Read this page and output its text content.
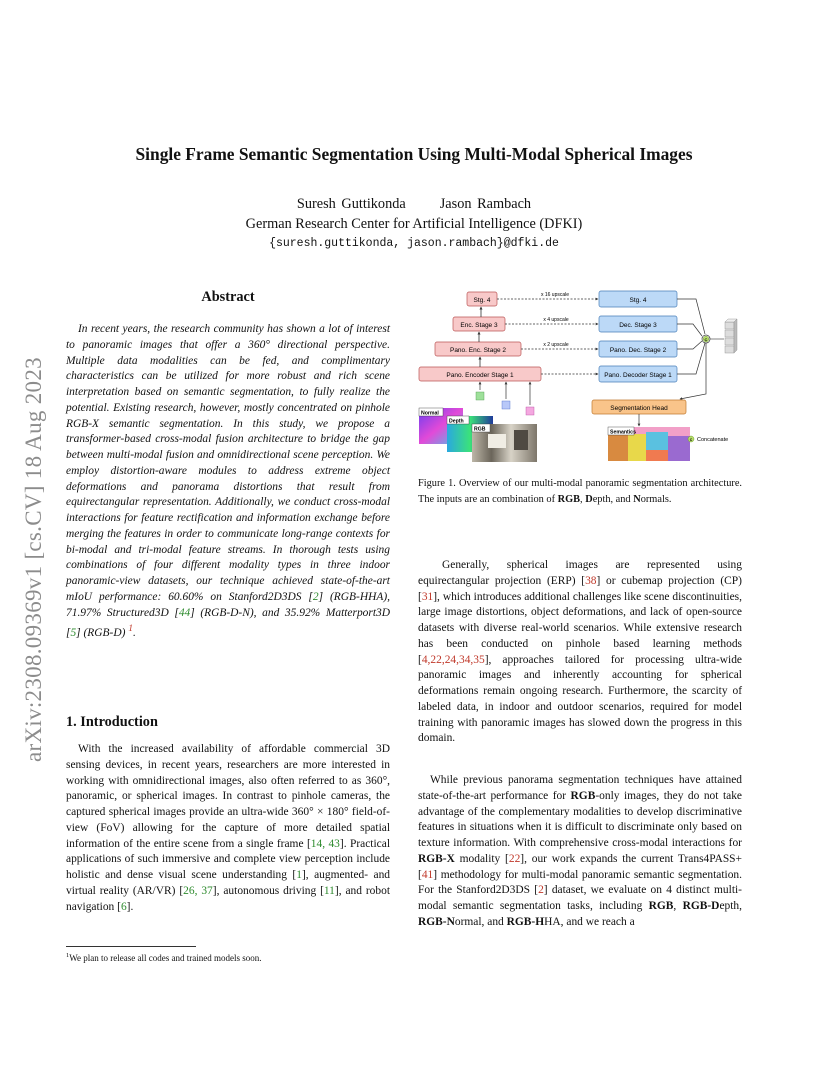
arXiv:2308.09369v1 [cs.CV] 18 Aug 2023
Single Frame Semantic Segmentation Using Multi-Modal Spherical Images
Suresh Guttikonda Jason Rambach
German Research Center for Artificial Intelligence (DFKI)
{suresh.guttikonda, jason.rambach}@dfki.de
Abstract

In recent years, the research community has shown a lot of interest to panoramic images that offer a 360° directional perspective. Multiple data modalities can be fed, and complimentary characteristics can be utilized for more robust and rich scene interpretation based on semantic segmentation, to fully realize the potential. Existing research, however, mostly concentrated on pinhole RGB-X semantic segmentation. In this study, we propose a transformer-based cross-modal fusion architecture to bridge the gap between multi-modal fusion and omnidirectional scene perception. We employ distortion-aware modules to address extreme object deformations and panorama distortions that result from equirectangular representation. Additionally, we conduct cross-modal interactions for feature rectification and information exchange before merging the features in order to communicate long-range contexts for bi-modal and tri-modal feature streams. In thorough tests using combinations of four different modality types in three indoor panoramic-view datasets, our technique achieved state-of-the-art mIoU performance: 60.60% on Stanford2D3DS [2] (RGB-HHA), 71.97% Structured3D [44] (RGB-D-N), and 35.92% Matterport3D [5] (RGB-D) $^1$.

1. Introduction

With the increased availability of affordable commercial 3D sensing devices, in recent years, researchers are more interested in working with omnidirectional images, also often referred to as 360°, panoramic, or spherical images. In contrast to pinhole cameras, the captured spherical images provide an ultra-wide 360° × 180° field-of-view (FoV) allowing for the capture of more detailed spatial information of the entire scene from a single frame [14, 43]. Practical applications of such immersive and complete view perception include holistic and dense visual scene understanding [1], augmented- and virtual reality (AR/VR) [26, 37], autonomous driving [11], and robot navigation [6].

$^1$We plan to release all codes and trained models soon.
Stg. 4
Enc. Stage 3
Pano. Enc. Stage 2
Pano. Encoder Stage 1
x 16 upscale
x 4 upscale
x 2 upscale
Stg. 4
Dec. Stage 3
Pano. Dec. Stage 2
Pano. Decoder Stage 1
C
Segmentation Head
Semantics
C Concatenate
Normal
Depth
RGB

Figure 1. Overview of our multi-modal panoramic segmentation architecture. The inputs are an combination of RGB, Depth, and Normals.

Generally, spherical images are represented using equirectangular projection (ERP) [38] or cubemap projection (CP) [31], which introduces additional challenges like scene discontinuities, large image distortions, object deformations, and lack of open-source datasets with diverse real-world scenarios. While extensive research has been conducted on pinhole based learning methods [4,22,24,34,35], approaches tailored for processing ultra-wide panoramic images and inherently accounting for spherical deformations remain ongoing research. Furthermore, the scarcity of labeled data, in indoor and outdoor scenarios, required for model training with panoramic images has slowed down the progress in this domain.

While previous panorama segmentation techniques have attained state-of-the-art performance for RGB-only images, they do not take advantage of the complementary modalities to develop discriminative features in situations when it is difficult to discriminate only based on texture information. With comprehensive cross-modal interactions for RGB-X modality [22], our work expands the current Trans4PASS+ [41] methodology for multi-modal panoramic semantic segmentation. For the Stanford2D3DS [2] dataset, we evaluate on 4 distinct multi-modal semantic segmentation tasks, including RGB, RGB-Depth, RGB-Normal, and RGB-HHA, and we reach a
